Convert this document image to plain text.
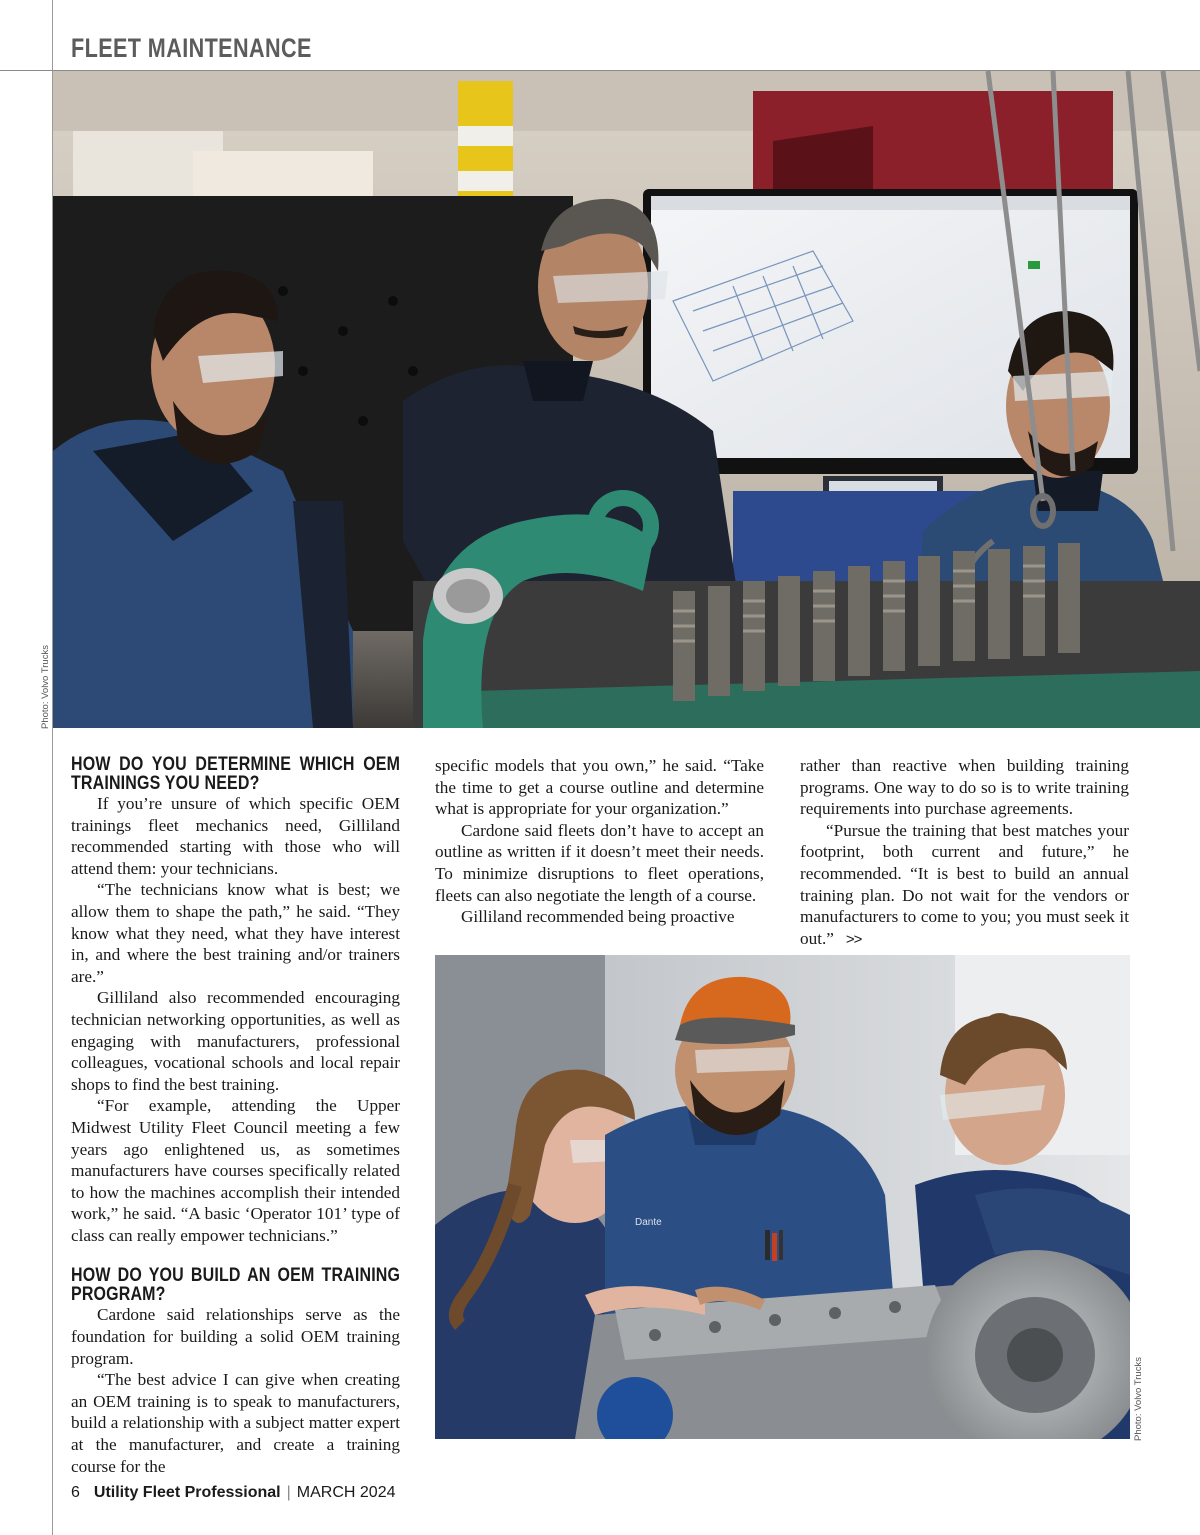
FLEET MAINTENANCE
Photo: Volvo Trucks
HOW DO YOU DETERMINE WHICH OEM TRAININGS YOU NEED?

If you’re unsure of which specific OEM trainings fleet mechanics need, Gilliland recommended starting with those who will attend them: your technicians.

“The technicians know what is best; we allow them to shape the path,” he said. “They know what they need, what they have interest in, and where the best training and/or trainers are.”

Gilliland also recommended encouraging technician networking opportunities, as well as engaging with manufacturers, professional colleagues, vocational schools and local repair shops to find the best training.

“For example, attending the Upper Midwest Utility Fleet Council meeting a few years ago enlightened us, as sometimes manufacturers have courses specifically related to how the machines accomplish their intended work,” he said. “A basic ‘Operator 101’ type of class can really empower technicians.”

HOW DO YOU BUILD AN OEM TRAINING PROGRAM?

Cardone said relationships serve as the foundation for building a solid OEM training program.

“The best advice I can give when creating an OEM training is to speak to manufacturers, build a relationship with a subject matter expert at the manufacturer, and create a training course for the

specific models that you own,” he said. “Take the time to get a course outline and determine what is appropriate for your organization.”

Cardone said fleets don’t have to accept an outline as written if it doesn’t meet their needs. To minimize disruptions to fleet operations, fleets can also negotiate the length of a course.

Gilliland recommended being proactive

rather than reactive when building training programs. One way to do so is to write training requirements into purchase agreements.

“Pursue the training that best matches your footprint, both current and future,” he recommended. “It is best to build an annual training plan. Do not wait for the vendors or manufacturers to come to you; you must seek it out.” >>

Dante
Photo: Volvo Trucks
6 Utility Fleet Professional | MARCH 2024
